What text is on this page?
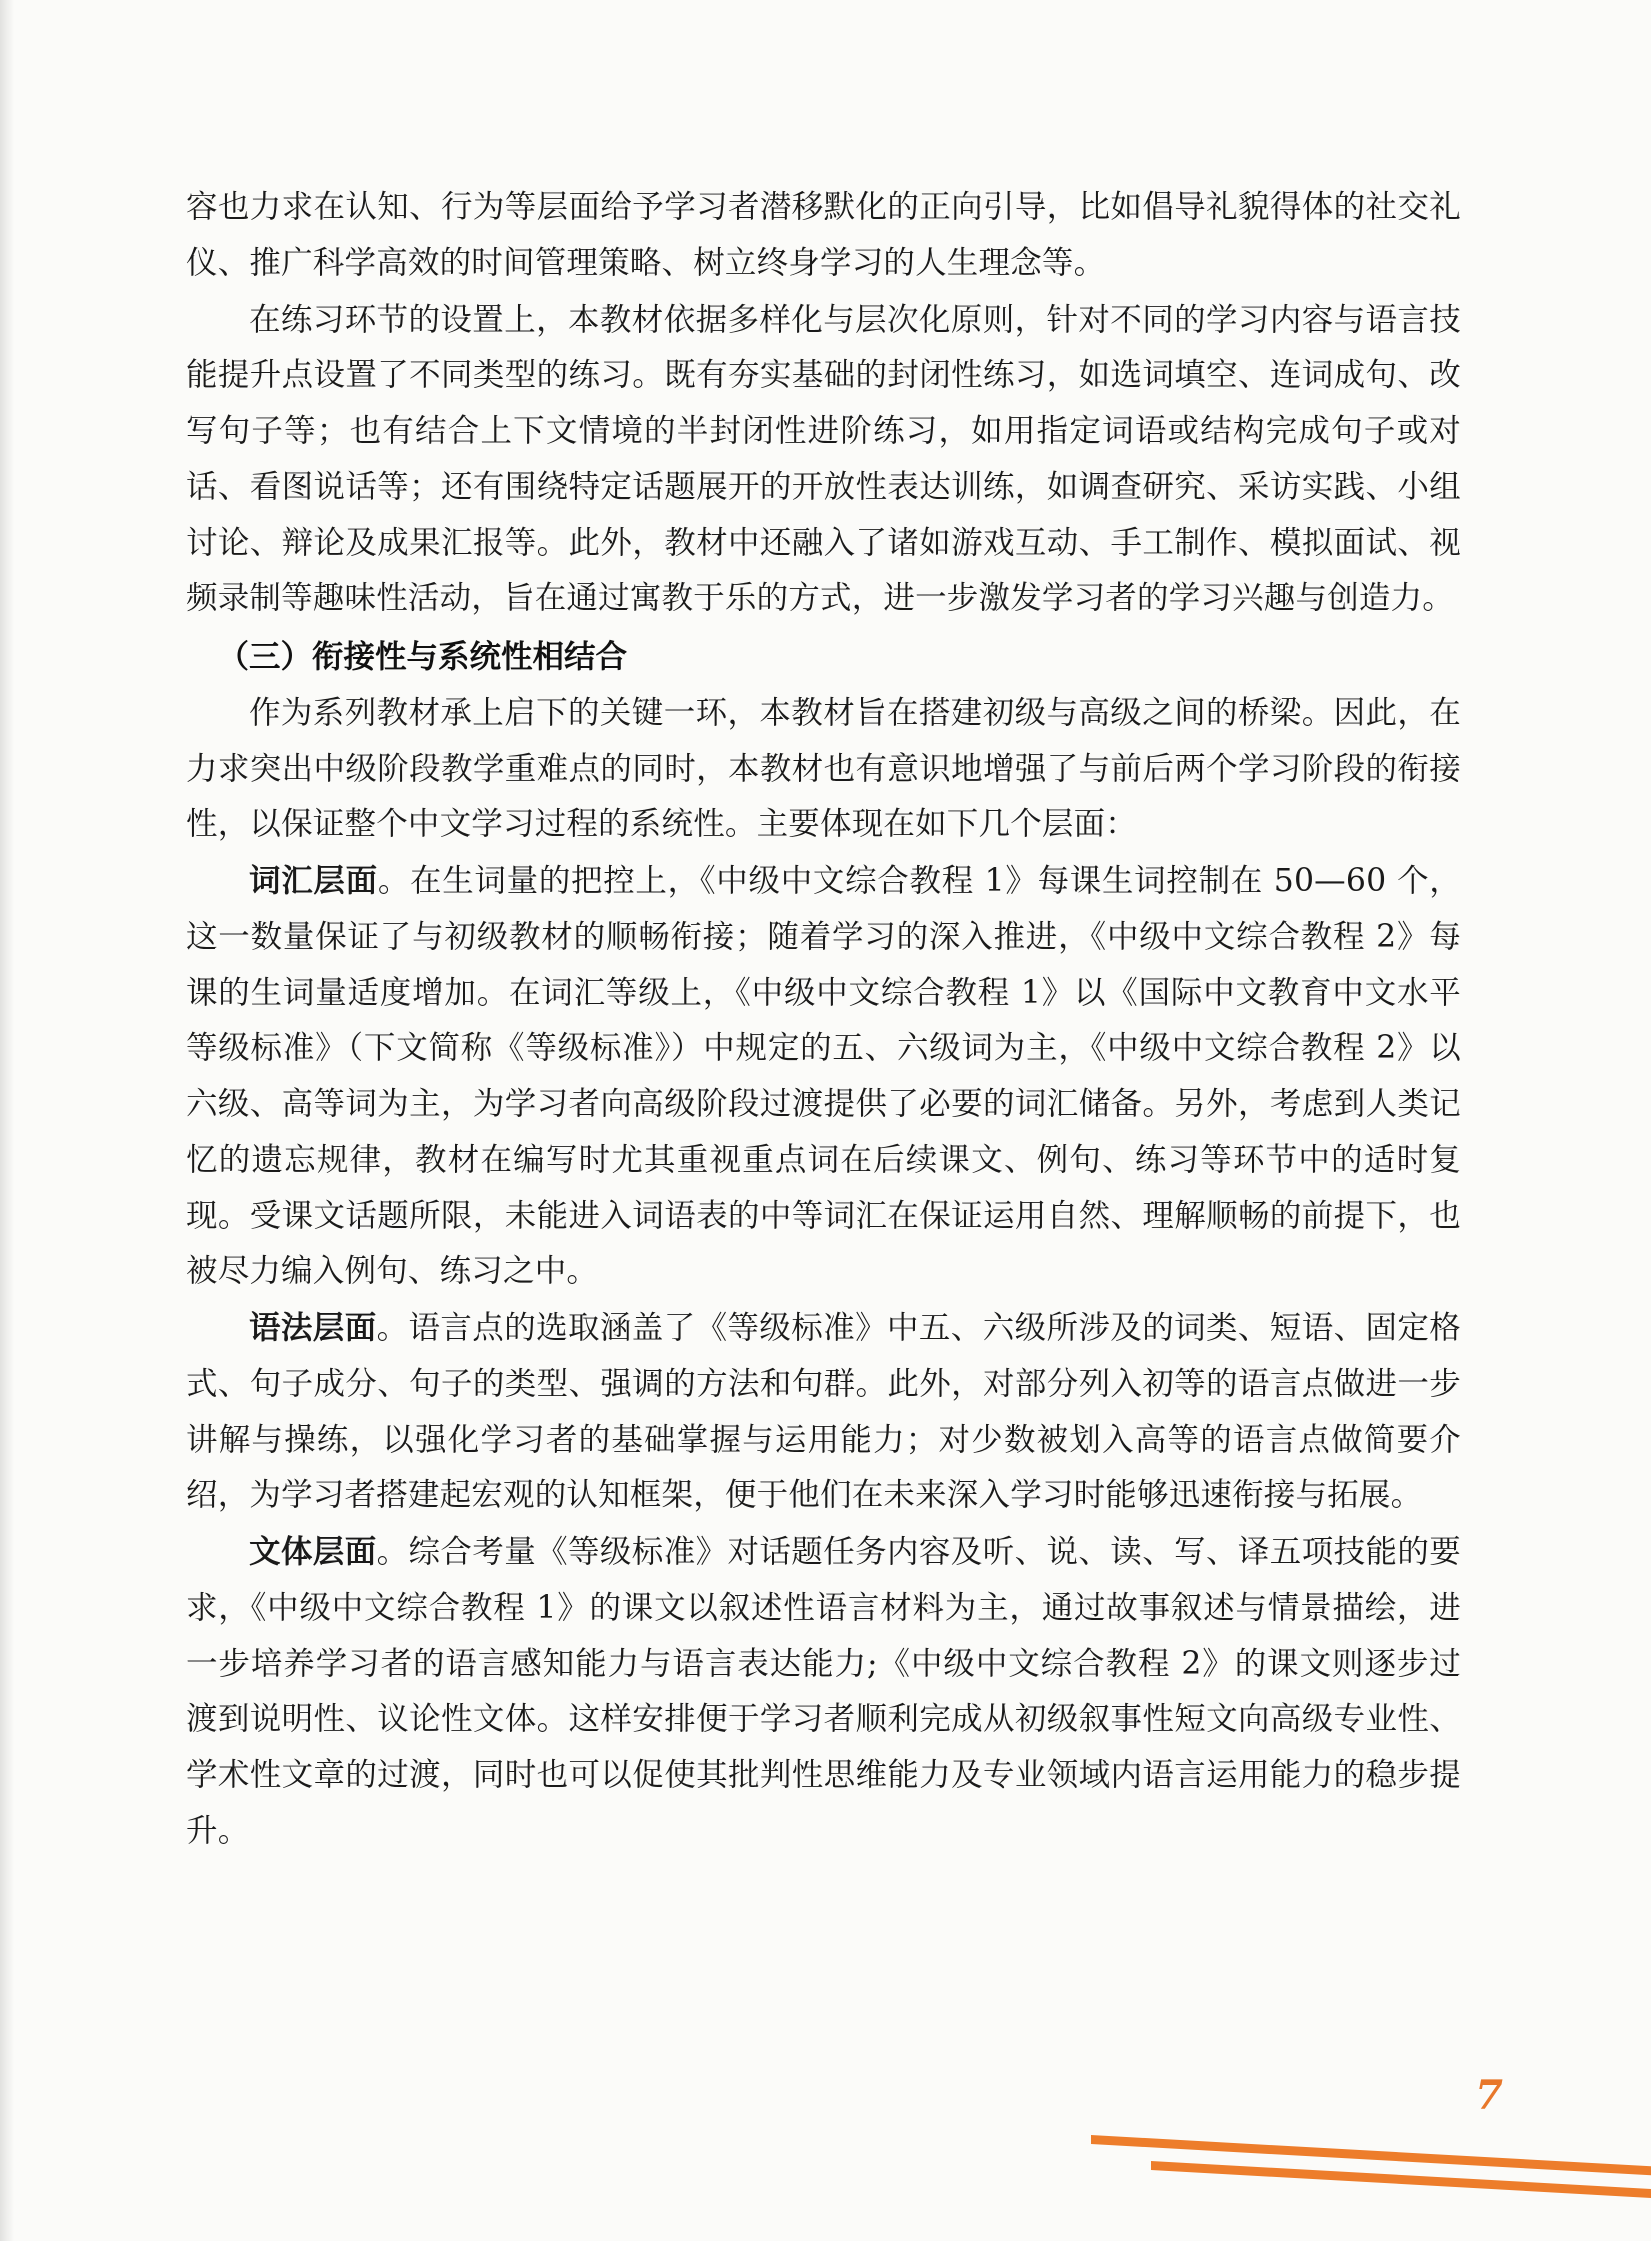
容也力求在认知、行为等层面给予学习者潜移默化的正向引导，比如倡导礼貌得体的社交礼仪、推广科学高效的时间管理策略、树立终身学习的人生理念等。

在练习环节的设置上，本教材依据多样化与层次化原则，针对不同的学习内容与语言技能提升点设置了不同类型的练习。既有夯实基础的封闭性练习，如选词填空、连词成句、改写句子等；也有结合上下文情境的半封闭性进阶练习，如用指定词语或结构完成句子或对话、看图说话等；还有围绕特定话题展开的开放性表达训练，如调查研究、采访实践、小组讨论、辩论及成果汇报等。此外，教材中还融入了诸如游戏互动、手工制作、模拟面试、视频录制等趣味性活动，旨在通过寓教于乐的方式，进一步激发学习者的学习兴趣与创造力。

（三）衔接性与系统性相结合

作为系列教材承上启下的关键一环，本教材旨在搭建初级与高级之间的桥梁。因此，在力求突出中级阶段教学重难点的同时，本教材也有意识地增强了与前后两个学习阶段的衔接性，以保证整个中文学习过程的系统性。主要体现在如下几个层面：

词汇层面。在生词量的把控上，《中级中文综合教程 1》每课生词控制在 50—60 个，这一数量保证了与初级教材的顺畅衔接；随着学习的深入推进，《中级中文综合教程 2》每课的生词量适度增加。在词汇等级上，《中级中文综合教程 1》以《国际中文教育中文水平等级标准》（下文简称《等级标准》）中规定的五、六级词为主，《中级中文综合教程 2》以六级、高等词为主，为学习者向高级阶段过渡提供了必要的词汇储备。另外，考虑到人类记忆的遗忘规律，教材在编写时尤其重视重点词在后续课文、例句、练习等环节中的适时复现。受课文话题所限，未能进入词语表的中等词汇在保证运用自然、理解顺畅的前提下，也被尽力编入例句、练习之中。

语法层面。语言点的选取涵盖了《等级标准》中五、六级所涉及的词类、短语、固定格式、句子成分、句子的类型、强调的方法和句群。此外，对部分列入初等的语言点做进一步讲解与操练，以强化学习者的基础掌握与运用能力；对少数被划入高等的语言点做简要介绍，为学习者搭建起宏观的认知框架，便于他们在未来深入学习时能够迅速衔接与拓展。

文体层面。综合考量《等级标准》对话题任务内容及听、说、读、写、译五项技能的要求，《中级中文综合教程 1》的课文以叙述性语言材料为主，通过故事叙述与情景描绘，进一步培养学习者的语言感知能力与语言表达能力;《中级中文综合教程 2》的课文则逐步过渡到说明性、议论性文体。这样安排便于学习者顺利完成从初级叙事性短文向高级专业性、学术性文章的过渡，同时也可以促使其批判性思维能力及专业领域内语言运用能力的稳步提升。

7
